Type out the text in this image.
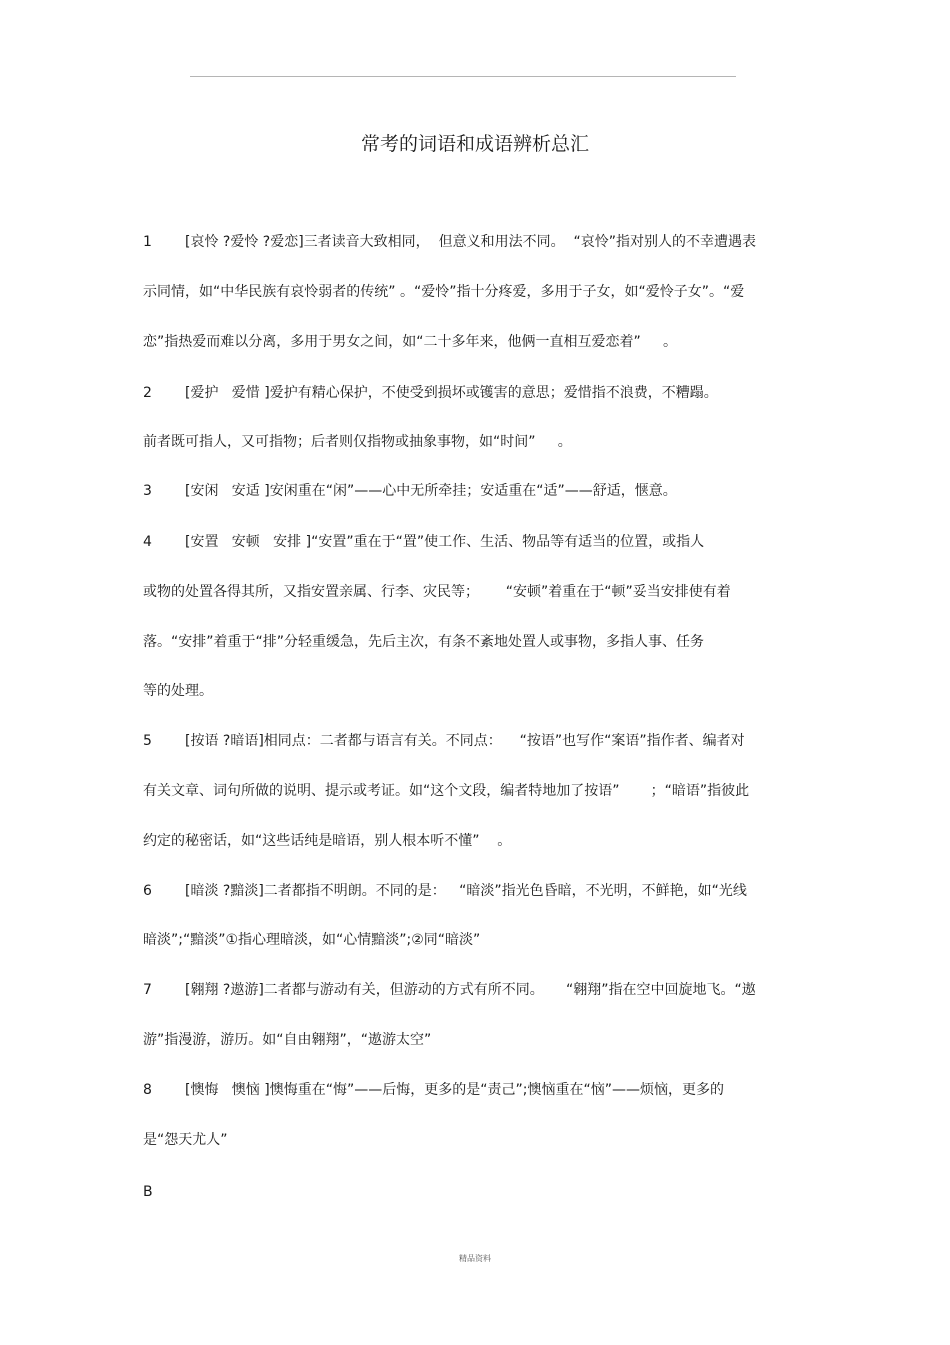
常考的词语和成语辨析总汇
1 [哀怜 ?爱怜 ?爱恋]三者读音大致相同，  但意义和用法不同。  “哀怜”指对别人的不幸遭遇表
示同情，如“中华民族有哀怜弱者的传统” 。“爱怜”指十分疼爱，多用于子女，如“爱怜子女”。“爱
恋”指热爱而难以分离，多用于男女之间，如“二十多年来，他俩一直相互爱恋着”     。
2 [爱护   爱惜 ]爱护有精心保护，不使受到损坏或镬害的意思；爱惜指不浪费，不糟蹋。
前者既可指人，又可指物；后者则仅指物或抽象事物，如“时间”     。
3 [安闲   安适 ]安闲重在“闲”——心中无所牵挂；安适重在“适”——舒适，惬意。
4 [安置   安顿   安排 ]“安置”重在于“置”使工作、生活、物品等有适当的位置，或指人
或物的处置各得其所，又指安置亲属、行李、灾民等；      “安顿”着重在于“顿”妥当安排使有着
落。“安排”着重于“排”分轻重缓急，先后主次，有条不紊地处置人或事物，多指人事、任务
等的处理。
5 [按语 ?暗语]相同点：二者都与语言有关。不同点：    “按语”也写作“案语”指作者、编者对
有关文章、词句所做的说明、提示或考证。如“这个文段，编者特地加了按语”       ；“暗语”指彼此
约定的秘密话，如“这些话纯是暗语，别人根本听不懂”    。
6 [暗淡 ?黯淡]二者都指不明朗。不同的是：   “暗淡”指光色昏暗，不光明，不鲜艳，如“光线
暗淡”;“黯淡”①指心理暗淡，如“心情黯淡”;②同“暗淡”
7 [翱翔 ?遨游]二者都与游动有关，但游动的方式有所不同。     “翱翔”指在空中回旋地飞。“遨
游”指漫游，游历。如“自由翱翔”，“遨游太空”
8 [懊悔   懊恼 ]懊悔重在“悔”——后悔，更多的是“责己”;懊恼重在“恼”——烦恼，更多的
是“怨天尤人”
B
精品资料
